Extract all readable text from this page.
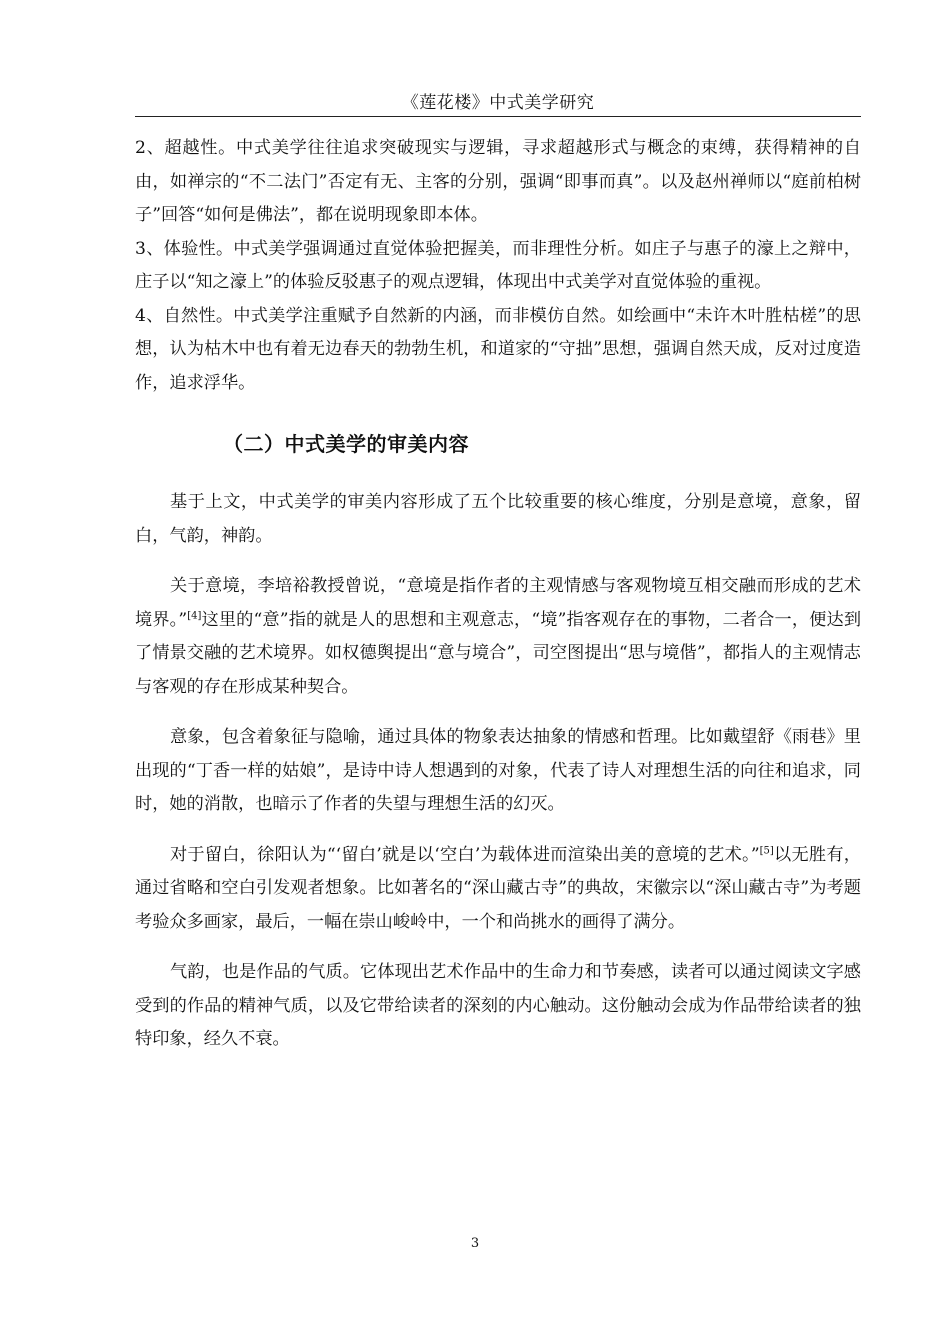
《莲花楼》中式美学研究

2、超越性。中式美学往往追求突破现实与逻辑，寻求超越形式与概念的束缚，获得精神的自由，如禅宗的“不二法门”否定有无、主客的分别，强调“即事而真”。以及赵州禅师以“庭前柏树子”回答“如何是佛法”，都在说明现象即本体。

3、体验性。中式美学强调通过直觉体验把握美，而非理性分析。如庄子与惠子的濠上之辩中，庄子以“知之濠上”的体验反驳惠子的观点逻辑，体现出中式美学对直觉体验的重视。

4、自然性。中式美学注重赋予自然新的内涵，而非模仿自然。如绘画中“未许木叶胜枯槎”的思想，认为枯木中也有着无边春天的勃勃生机，和道家的“守拙”思想，强调自然天成，反对过度造作，追求浮华。

（二）中式美学的审美内容

基于上文，中式美学的审美内容形成了五个比较重要的核心维度，分别是意境，意象，留白，气韵，神韵。

关于意境，李培裕教授曾说，“意境是指作者的主观情感与客观物境互相交融而形成的艺术境界。”[4]这里的“意”指的就是人的思想和主观意志，“境”指客观存在的事物，二者合一，便达到了情景交融的艺术境界。如权德舆提出“意与境合”，司空图提出“思与境偕”，都指人的主观情志与客观的存在形成某种契合。

意象，包含着象征与隐喻，通过具体的物象表达抽象的情感和哲理。比如戴望舒《雨巷》里出现的“丁香一样的姑娘”，是诗中诗人想遇到的对象，代表了诗人对理想生活的向往和追求，同时，她的消散，也暗示了作者的失望与理想生活的幻灭。

对于留白，徐阳认为“‘留白’就是以‘空白’为载体进而渲染出美的意境的艺术。”[5]以无胜有，通过省略和空白引发观者想象。比如著名的“深山藏古寺”的典故，宋徽宗以“深山藏古寺”为考题考验众多画家，最后，一幅在崇山峻岭中，一个和尚挑水的画得了满分。

气韵，也是作品的气质。它体现出艺术作品中的生命力和节奏感，读者可以通过阅读文字感受到的作品的精神气质，以及它带给读者的深刻的内心触动。这份触动会成为作品带给读者的独特印象，经久不衰。

3
